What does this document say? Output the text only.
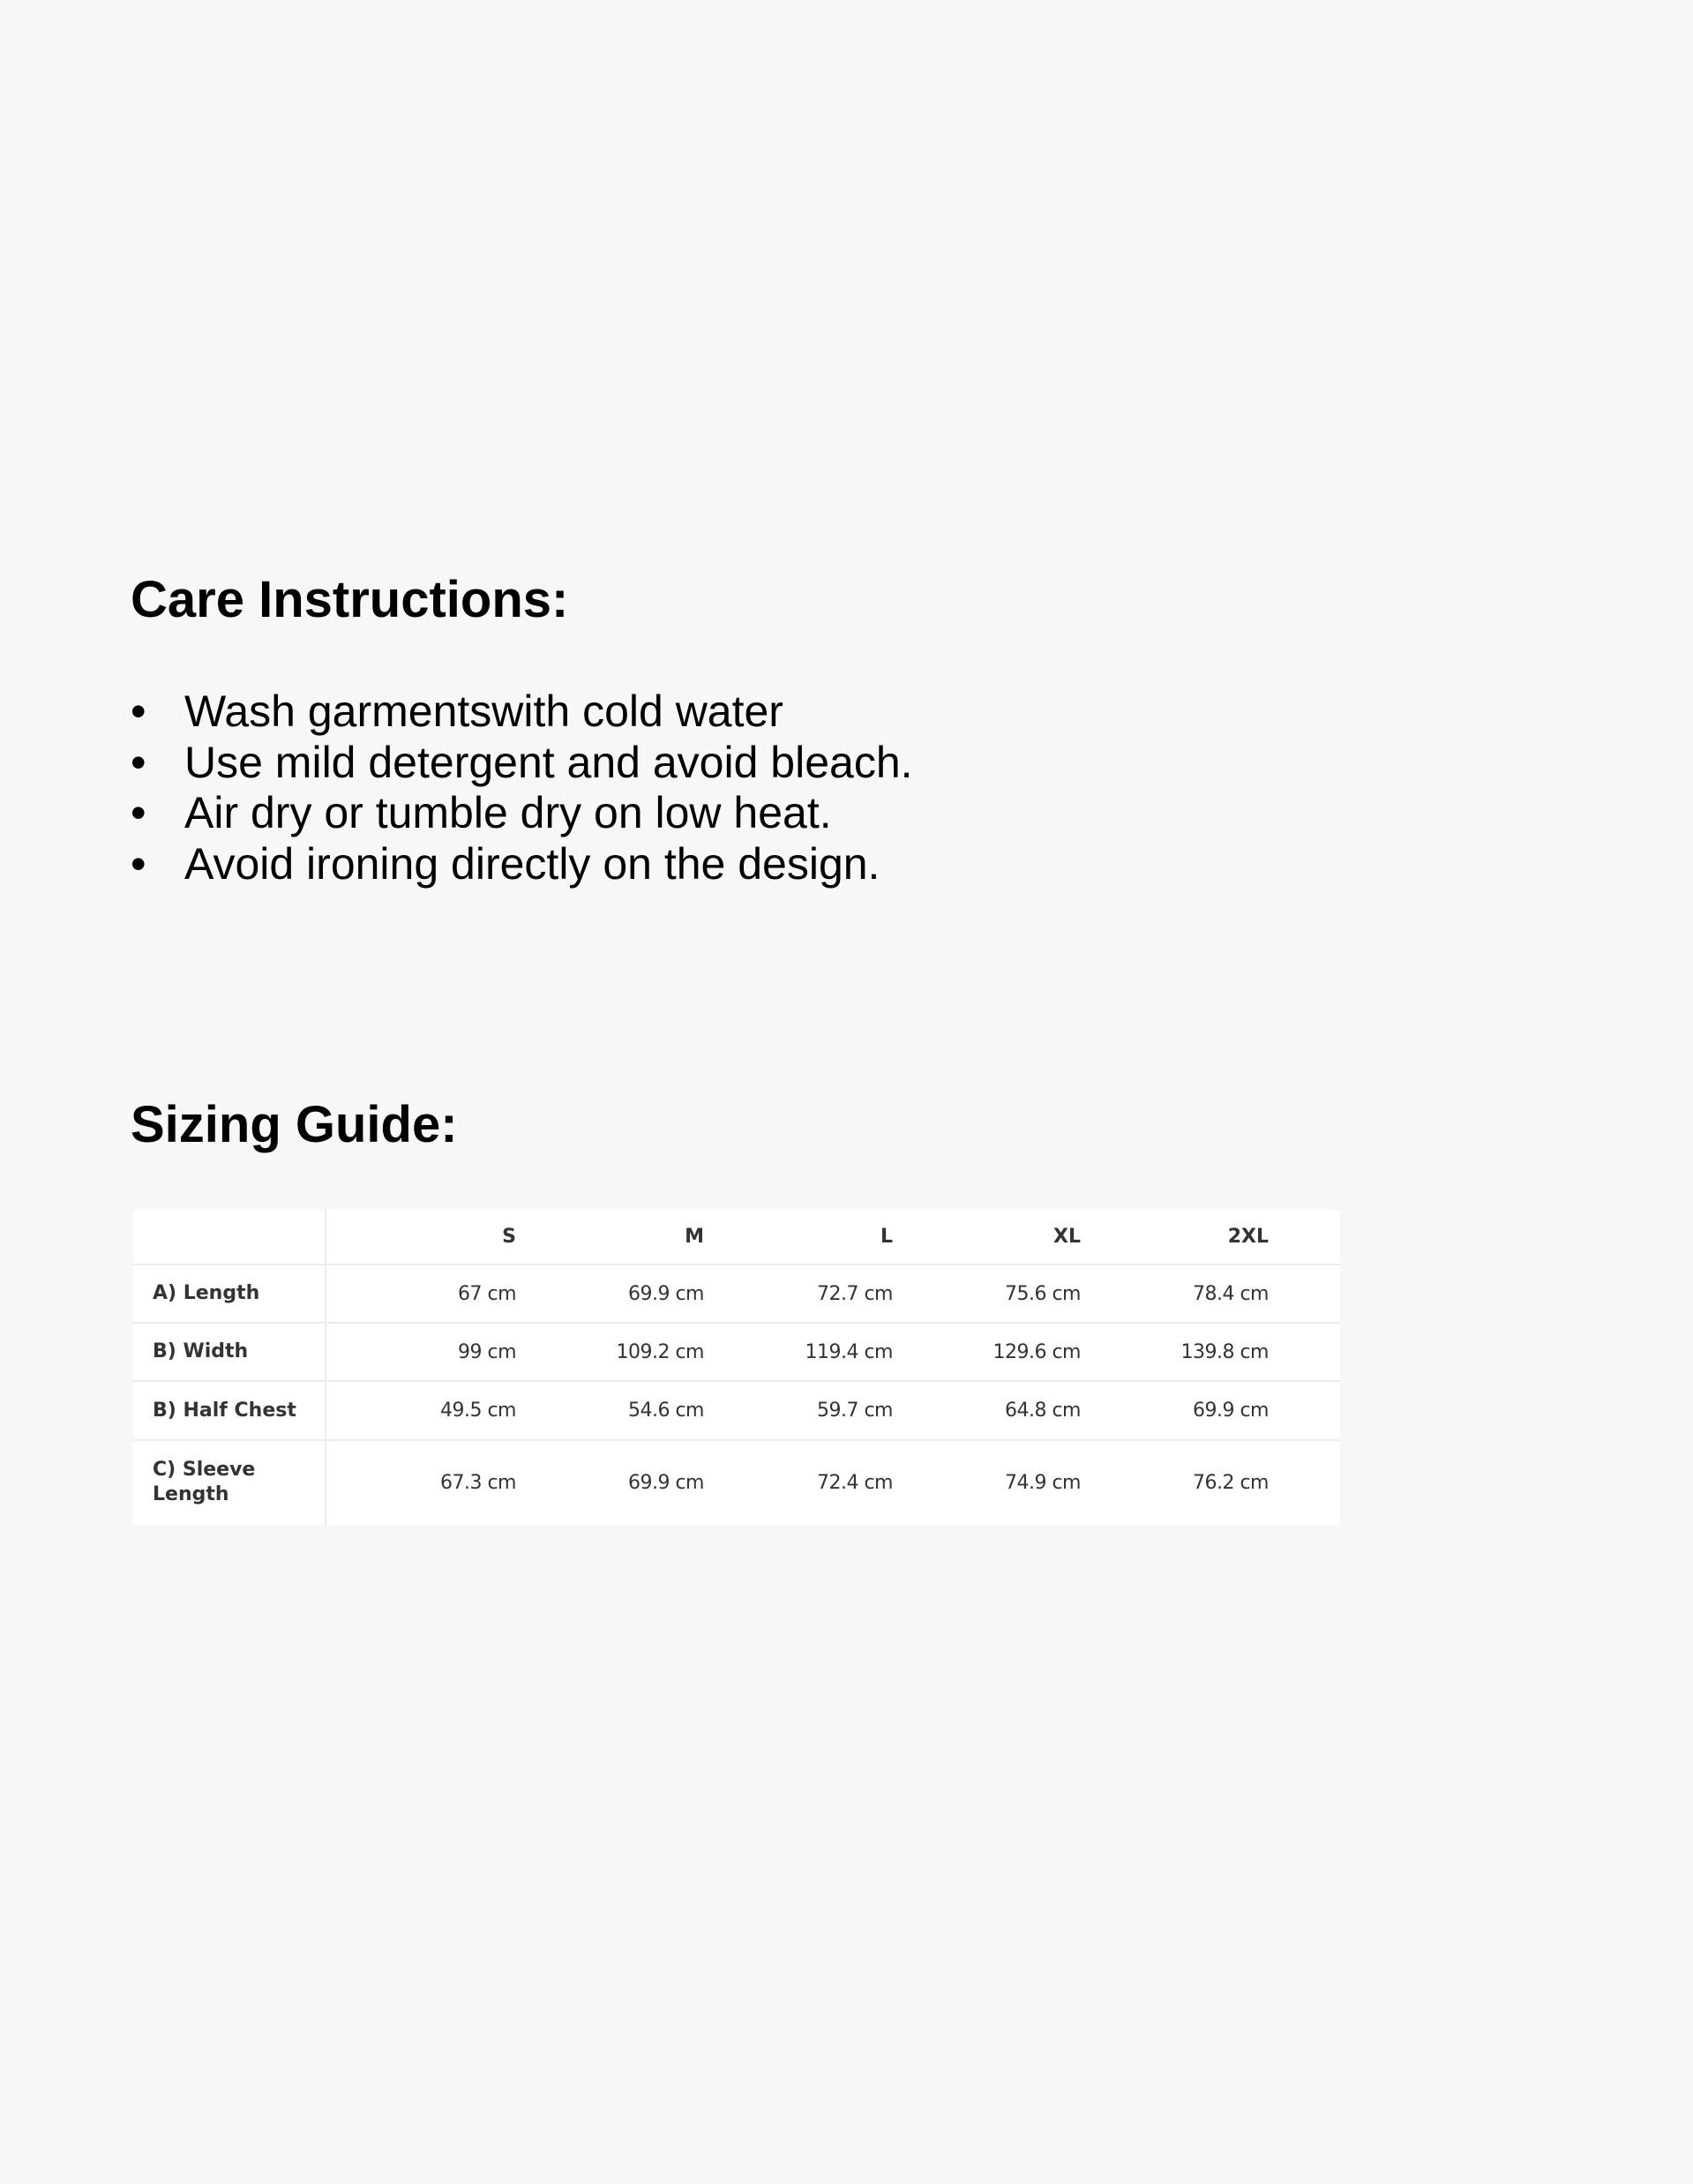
Care Instructions:
• Wash garmentswith cold water
• Use mild detergent and avoid bleach.
• Air dry or tumble dry on low heat.
• Avoid ironing directly on the design.
Sizing Guide:
	S	M	L	XL	2XL	
A) Length	67 cm	69.9 cm	72.7 cm	75.6 cm	78.4 cm	
B) Width	99 cm	109.2 cm	119.4 cm	129.6 cm	139.8 cm	
B) Half Chest	49.5 cm	54.6 cm	59.7 cm	64.8 cm	69.9 cm	
C) Sleeve Length	67.3 cm	69.9 cm	72.4 cm	74.9 cm	76.2 cm	
